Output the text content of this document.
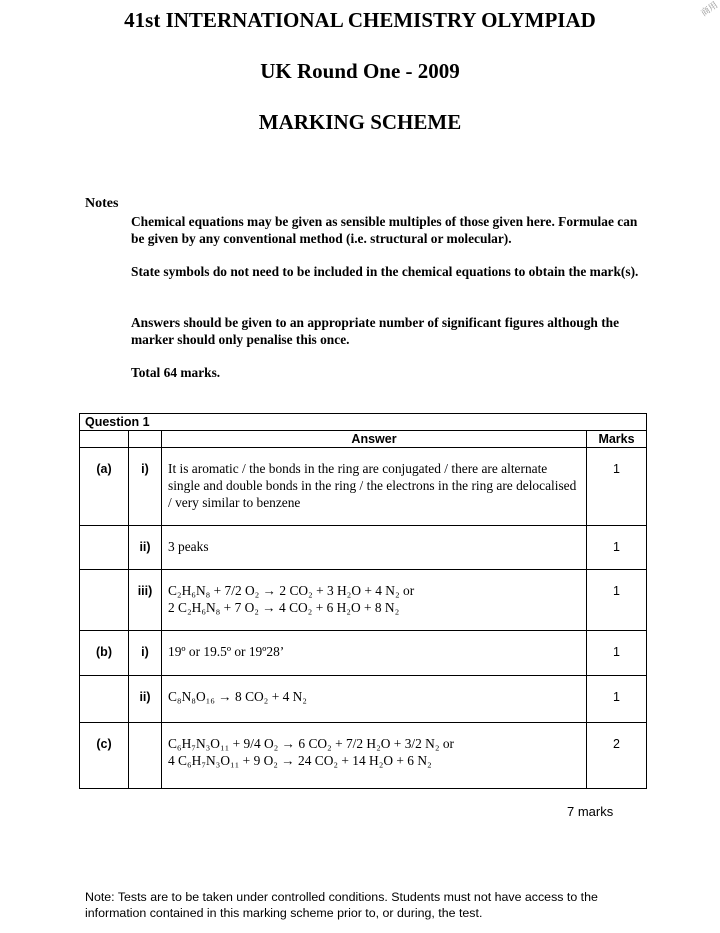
商用
41st INTERNATIONAL CHEMISTRY OLYMPIAD
UK Round One - 2009
MARKING SCHEME
Notes
Chemical equations may be given as sensible multiples of those given here. Formulae can be given by any conventional method (i.e. structural or molecular).
State symbols do not need to be included in the chemical equations to obtain the mark(s).
Answers should be given to an appropriate number of significant figures although the marker should only penalise this once.
Total 64 marks.
Question 1			
		Answer	Marks
(a)	i)	It is aromatic / the bonds in the ring are conjugated / there are alternate single and double bonds in the ring / the electrons in the ring are delocalised / very similar to benzene	1
	ii)	3 peaks	1
	iii)	C₂H₆N₈ + 7/2 O₂ → 2 CO₂ + 3 H₂O + 4 N₂ or
2 C₂H₆N₈ + 7 O₂ → 4 CO₂ + 6 H₂O + 8 N₂	1
(b)	i)	19º or 19.5º or 19º28’	1
	ii)	C₈N₈O₁₆ → 8 CO₂ + 4 N₂	1
(c)		C₆H₇N₃O₁₁ + 9/4 O₂ → 6 CO₂ + 7/2 H₂O + 3/2 N₂ or
4 C₆H₇N₃O₁₁ + 9 O₂ → 24 CO₂ + 14 H₂O + 6 N₂	2
7 marks
Note: Tests are to be taken under controlled conditions. Students must not have access to the information contained in this marking scheme prior to, or during, the test.
